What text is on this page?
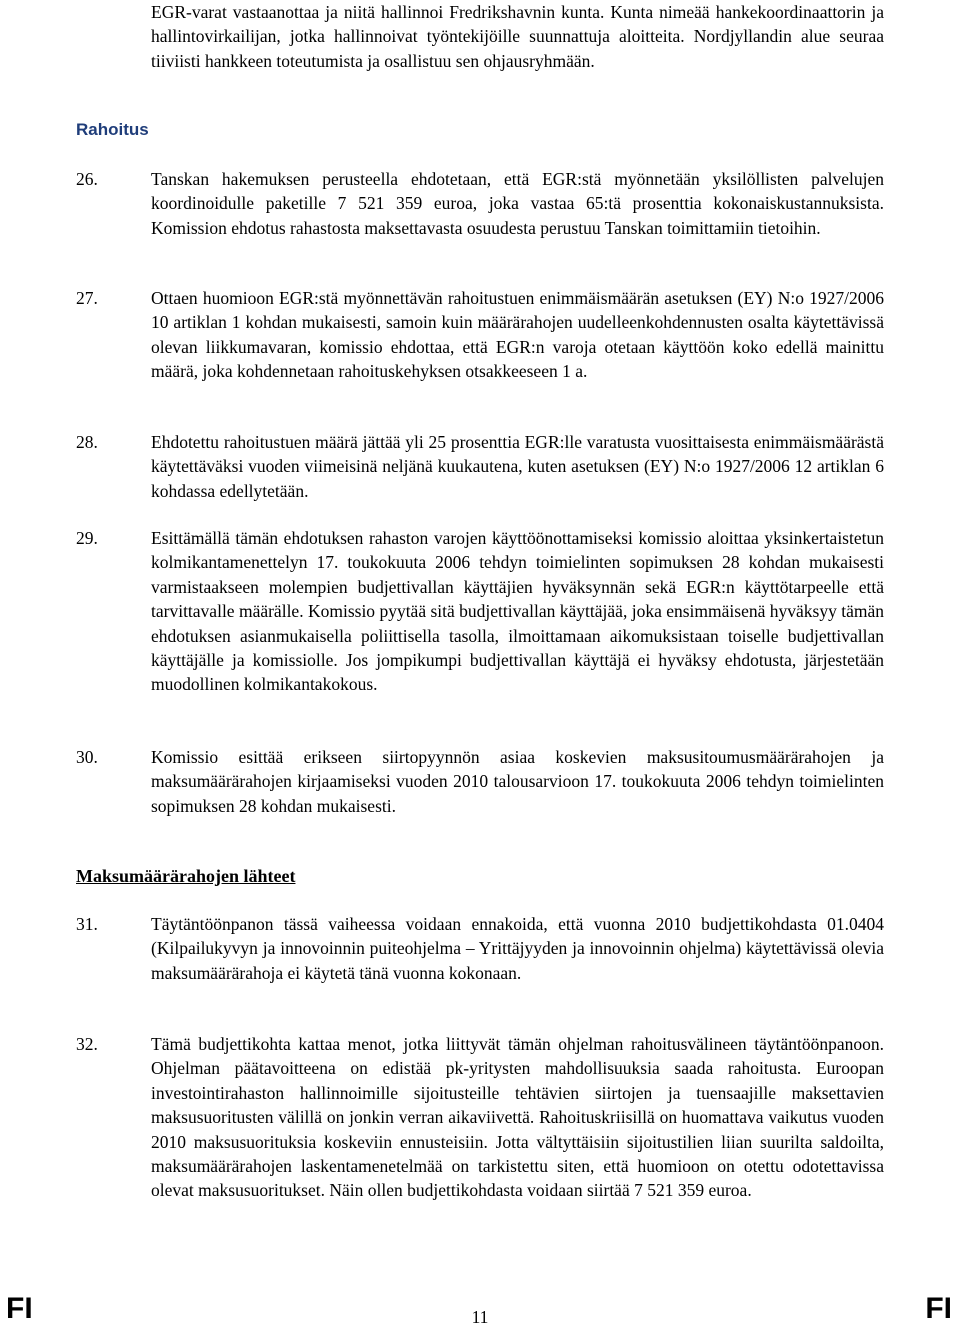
EGR-varat vastaanottaa ja niitä hallinnoi Fredrikshavnin kunta. Kunta nimeää hankekoordinaattorin ja hallintovirkailijan, jotka hallinnoivat työntekijöille suunnattuja aloitteita. Nordjyllandin alue seuraa tiiviisti hankkeen toteutumista ja osallistuu sen ohjausryhmään.
Rahoitus
26.	Tanskan hakemuksen perusteella ehdotetaan, että EGR:stä myönnetään yksilöllisten palvelujen koordinoidulle paketille 7 521 359 euroa, joka vastaa 65:tä prosenttia kokonaiskustannuksista. Komission ehdotus rahastosta maksettavasta osuudesta perustuu Tanskan toimittamiin tietoihin.
27.	Ottaen huomioon EGR:stä myönnettävän rahoitustuen enimmäismäärän asetuksen (EY) N:o 1927/2006 10 artiklan 1 kohdan mukaisesti, samoin kuin määrärahojen uudelleenkohdennusten osalta käytettävissä olevan liikkumavaran, komissio ehdottaa, että EGR:n varoja otetaan käyttöön koko edellä mainittu määrä, joka kohdennetaan rahoituskehyksen otsakkeeseen 1 a.
28.	Ehdotettu rahoitustuen määrä jättää yli 25 prosenttia EGR:lle varatusta vuosittaisesta enimmäismäärästä käytettäväksi vuoden viimeisinä neljänä kuukautena, kuten asetuksen (EY) N:o 1927/2006 12 artiklan 6 kohdassa edellytetään.
29.	Esittämällä tämän ehdotuksen rahaston varojen käyttöönottamiseksi komissio aloittaa yksinkertaistetun kolmikantamenettelyn 17. toukokuuta 2006 tehdyn toimielinten sopimuksen 28 kohdan mukaisesti varmistaakseen molempien budjettivallan käyttäjien hyväksynnän sekä EGR:n käyttötarpeelle että tarvittavalle määrälle. Komissio pyytää sitä budjettivallan käyttäjää, joka ensimmäisenä hyväksyy tämän ehdotuksen asianmukaisella poliittisella tasolla, ilmoittamaan aikomuksistaan toiselle budjettivallan käyttäjälle ja komissiolle. Jos jompikumpi budjettivallan käyttäjä ei hyväksy ehdotusta, järjestetään muodollinen kolmikantakokous.
30.	Komissio esittää erikseen siirtopyynnön asiaa koskevien maksusitoumusmäärärahojen ja maksumäärärahojen kirjaamiseksi vuoden 2010 talousarvioon 17. toukokuuta 2006 tehdyn toimielinten sopimuksen 28 kohdan mukaisesti.
Maksumäärärahojen lähteet
31.	Täytäntöönpanon tässä vaiheessa voidaan ennakoida, että vuonna 2010 budjettikohdasta 01.0404 (Kilpailukyvyn ja innovoinnin puiteohjelma – Yrittäjyyden ja innovoinnin ohjelma) käytettävissä olevia maksumäärärahoja ei käytetä tänä vuonna kokonaan.
32.	Tämä budjettikohta kattaa menot, jotka liittyvät tämän ohjelman rahoitusvälineen täytäntöönpanoon. Ohjelman päätavoitteena on edistää pk-yritysten mahdollisuuksia saada rahoitusta. Euroopan investointirahaston hallinnoimille sijoitusteille tehtävien siirtojen ja tuensaajille maksettavien maksusuoritusten välillä on jonkin verran aikaviivettä. Rahoituskriisillä on huomattava vaikutus vuoden 2010 maksusuorituksia koskeviin ennusteisiin. Jotta vältyttäisiin sijoitustilien liian suurilta saldoilta, maksumäärärahojen laskentamenetelmää on tarkistettu siten, että huomioon on otettu odotettavissa olevat maksusuoritukset. Näin ollen budjettikohdasta voidaan siirtää 7 521 359 euroa.
FI	11	FI
